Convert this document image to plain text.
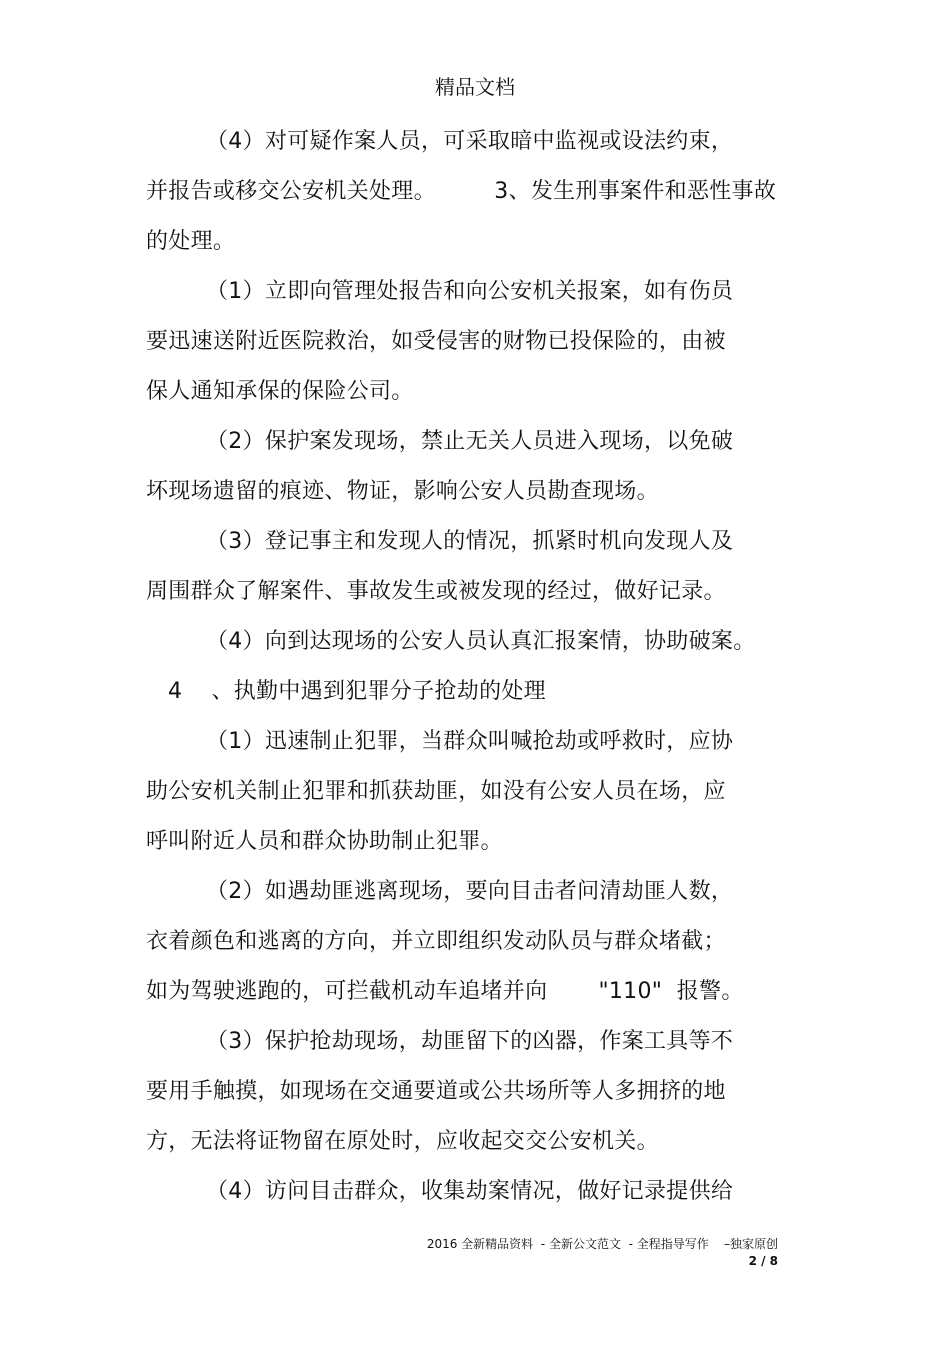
精品文档
（4）对可疑作案人员，可采取暗中监视或设法约束，
并报告或移交公安机关处理。        3、发生刑事案件和恶性事故
的处理。
（1）立即向管理处报告和向公安机关报案，如有伤员
要迅速送附近医院救治，如受侵害的财物已投保险的，由被
保人通知承保的保险公司。
（2）保护案发现场，禁止无关人员进入现场，以免破
坏现场遗留的痕迹、物证，影响公安人员勘查现场。
（3）登记事主和发现人的情况，抓紧时机向发现人及
周围群众了解案件、事故发生或被发现的经过，做好记录。
（4）向到达现场的公安人员认真汇报案情，协助破案。
4    、执勤中遇到犯罪分子抢劫的处理
（1）迅速制止犯罪，当群众叫喊抢劫或呼救时，应协
助公安机关制止犯罪和抓获劫匪，如没有公安人员在场，应
呼叫附近人员和群众协助制止犯罪。
（2）如遇劫匪逃离现场，要向目击者问清劫匪人数，
衣着颜色和逃离的方向，并立即组织发动队员与群众堵截；
如为驾驶逃跑的，可拦截机动车追堵并向       "110"  报警。
（3）保护抢劫现场，劫匪留下的凶器，作案工具等不
要用手触摸，如现场在交通要道或公共场所等人多拥挤的地
方，无法将证物留在原处时，应收起交交公安机关。
（4）访问目击群众，收集劫案情况，做好记录提供给
2016 全新精品资料  - 全新公文范文  - 全程指导写作    –独家原创
2 / 8
